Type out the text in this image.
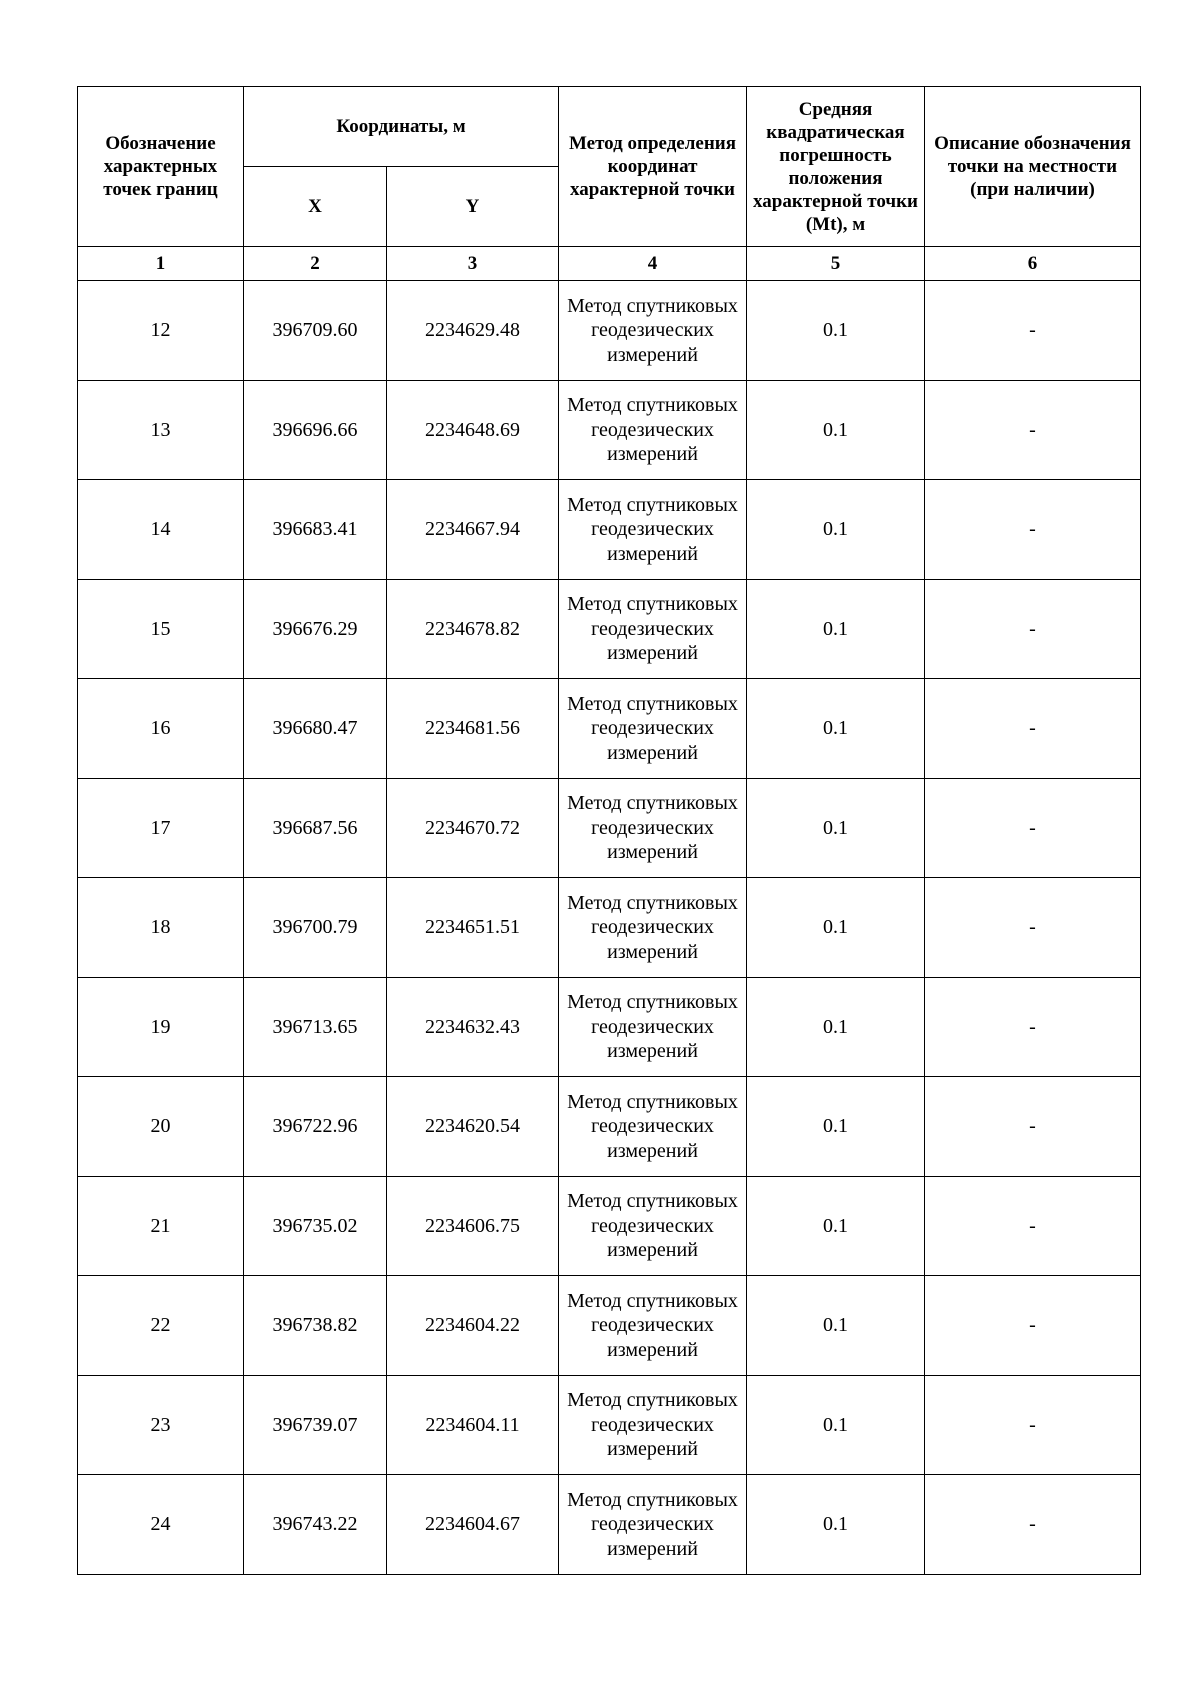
Обозначение характерных точек границ	Координаты, м		Метод определения координат характерной точки	Средняя квадратическая погрешность положения характерной точки (Mt), м	Описание обозначения точки на местности (при наличии)
	X	Y			
1	2	3	4	5	6
12	396709.60	2234629.48	Метод спутниковых геодезических измерений	0.1	-
13	396696.66	2234648.69	Метод спутниковых геодезических измерений	0.1	-
14	396683.41	2234667.94	Метод спутниковых геодезических измерений	0.1	-
15	396676.29	2234678.82	Метод спутниковых геодезических измерений	0.1	-
16	396680.47	2234681.56	Метод спутниковых геодезических измерений	0.1	-
17	396687.56	2234670.72	Метод спутниковых геодезических измерений	0.1	-
18	396700.79	2234651.51	Метод спутниковых геодезических измерений	0.1	-
19	396713.65	2234632.43	Метод спутниковых геодезических измерений	0.1	-
20	396722.96	2234620.54	Метод спутниковых геодезических измерений	0.1	-
21	396735.02	2234606.75	Метод спутниковых геодезических измерений	0.1	-
22	396738.82	2234604.22	Метод спутниковых геодезических измерений	0.1	-
23	396739.07	2234604.11	Метод спутниковых геодезических измерений	0.1	-
24	396743.22	2234604.67	Метод спутниковых геодезических измерений	0.1	-
